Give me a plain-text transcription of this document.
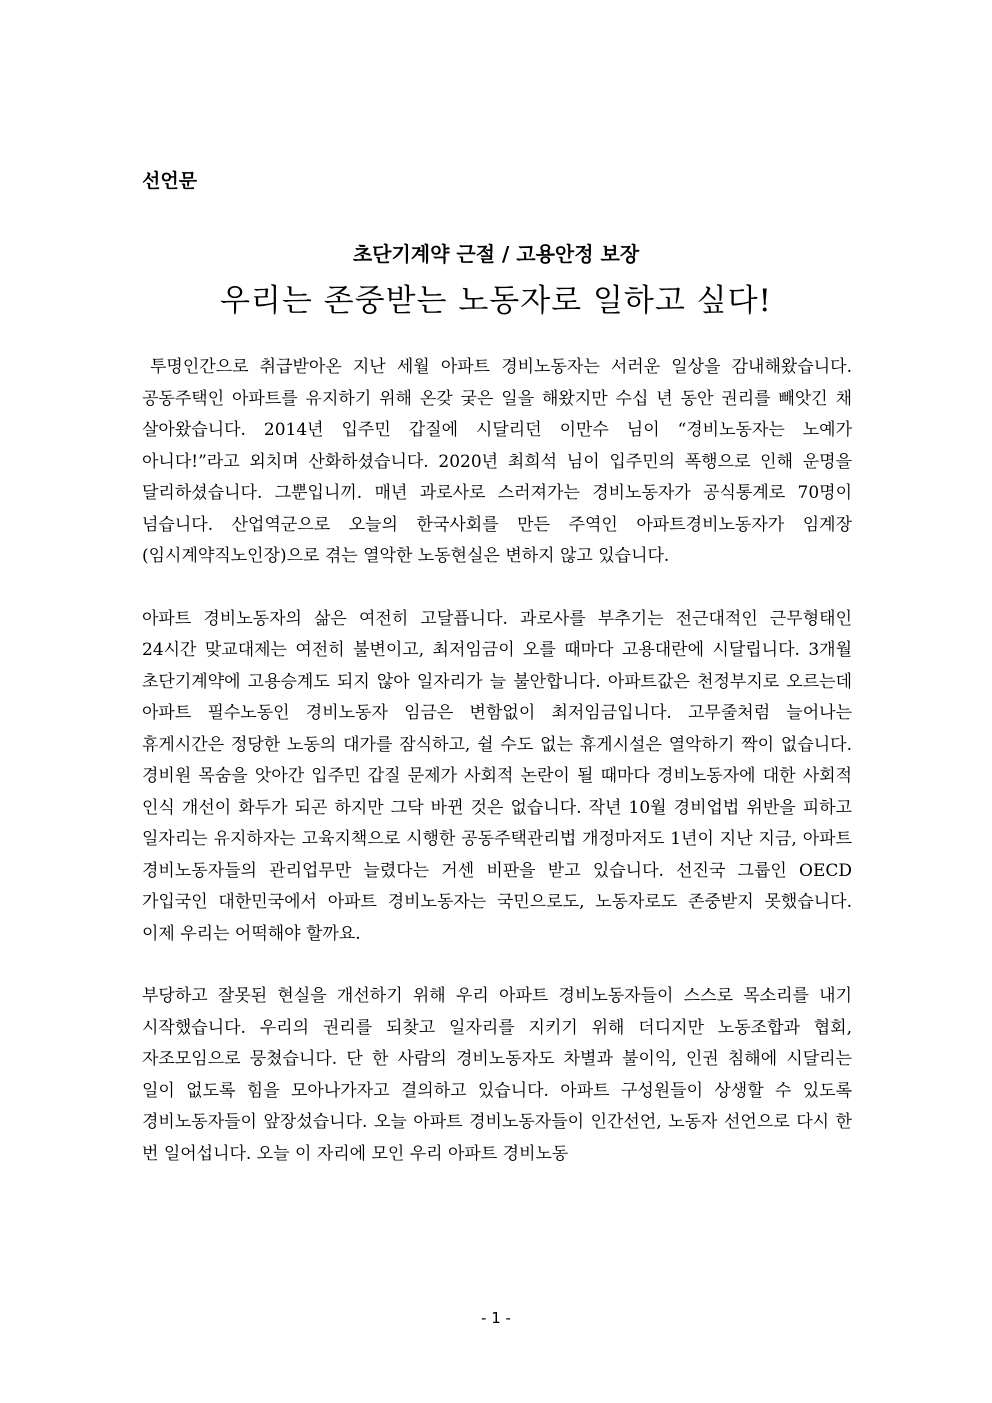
선언문
초단기계약 근절 / 고용안정 보장
우리는 존중받는 노동자로 일하고 싶다!

투명인간으로 취급받아온 지난 세월 아파트 경비노동자는 서러운 일상을 감내해왔습니다. 공동주택인 아파트를 유지하기 위해 온갖 궂은 일을 해왔지만 수십 년 동안 권리를 빼앗긴 채 살아왔습니다. 2014년 입주민 갑질에 시달리던 이만수 님이 “경비노동자는 노예가 아니다!”라고 외치며 산화하셨습니다. 2020년 최희석 님이 입주민의 폭행으로 인해 운명을 달리하셨습니다. 그뿐입니끼. 매년 과로사로 스러져가는 경비노동자가 공식통계로 70명이 넘습니다. 산업역군으로 오늘의 한국사회를 만든 주역인 아파트경비노동자가 임계장(임시계약직노인장)으로 겪는 열악한 노동현실은 변하지 않고 있습니다.

아파트 경비노동자의 삶은 여전히 고달픕니다. 과로사를 부추기는 전근대적인 근무형태인 24시간 맞교대제는 여전히 불변이고, 최저임금이 오를 때마다 고용대란에 시달립니다. 3개월 초단기계약에 고용승계도 되지 않아 일자리가 늘 불안합니다. 아파트값은 천정부지로 오르는데 아파트 필수노동인 경비노동자 임금은 변함없이 최저임금입니다. 고무줄처럼 늘어나는 휴게시간은 정당한 노동의 대가를 잠식하고, 쉴 수도 없는 휴게시설은 열악하기 짝이 없습니다. 경비원 목숨을 앗아간 입주민 갑질 문제가 사회적 논란이 될 때마다 경비노동자에 대한 사회적 인식 개선이 화두가 되곤 하지만 그닥 바뀐 것은 없습니다. 작년 10월 경비업법 위반을 피하고 일자리는 유지하자는 고육지책으로 시행한 공동주택관리법 개정마저도 1년이 지난 지금, 아파트 경비노동자들의 관리업무만 늘렸다는 거센 비판을 받고 있습니다. 선진국 그룹인 OECD 가입국인 대한민국에서 아파트 경비노동자는 국민으로도, 노동자로도 존중받지 못했습니다. 이제 우리는 어떡해야 할까요.

부당하고 잘못된 현실을 개선하기 위해 우리 아파트 경비노동자들이 스스로 목소리를 내기 시작했습니다. 우리의 권리를 되찾고 일자리를 지키기 위해 더디지만 노동조합과 협회, 자조모임으로 뭉쳤습니다. 단 한 사람의 경비노동자도 차별과 불이익, 인권 침해에 시달리는 일이 없도록 힘을 모아나가자고 결의하고 있습니다. 아파트 구성원들이 상생할 수 있도록 경비노동자들이 앞장섰습니다. 오늘 아파트 경비노동자들이 인간선언, 노동자 선언으로 다시 한 번 일어섭니다. 오늘 이 자리에 모인 우리 아파트 경비노동

- 1 -
